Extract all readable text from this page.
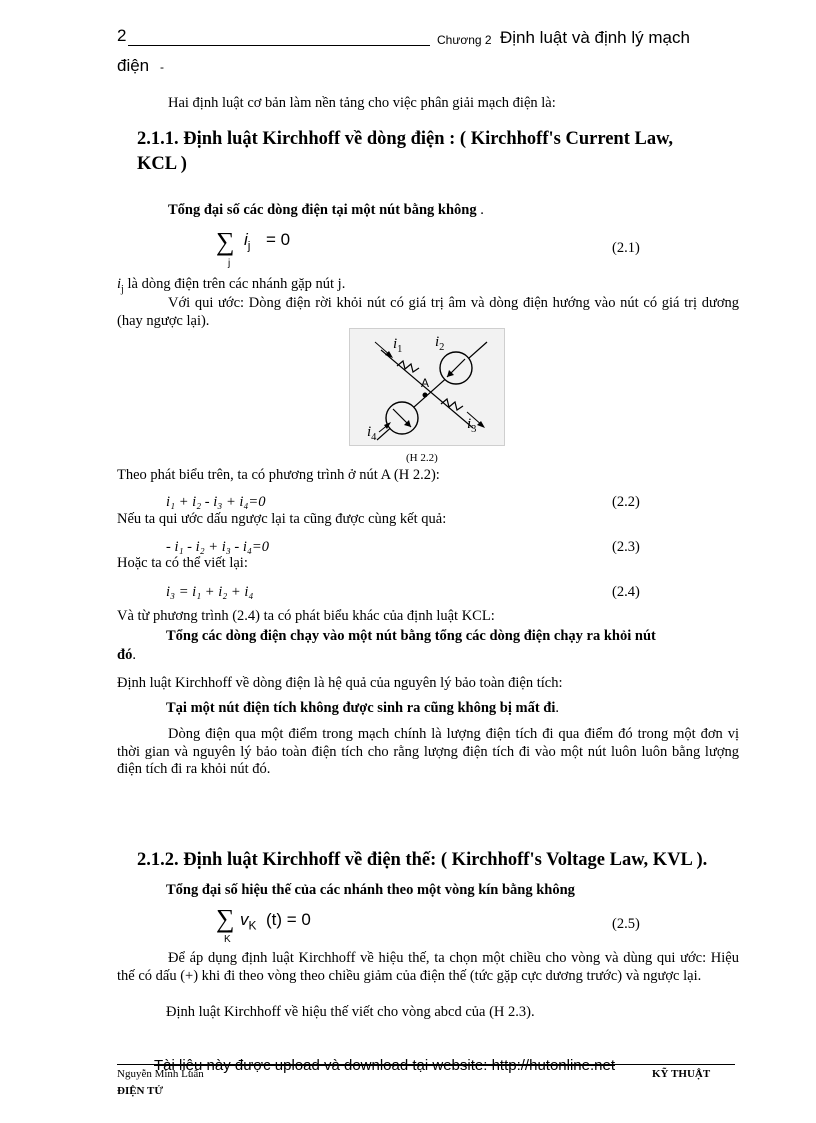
2	Chương 2 Định luật và định lý mạch
điện -
Hai định luật cơ bản làm nền tảng cho việc phân giải mạch điện là:
2.1.1. Định luật Kirchhoff về dòng điện : ( Kirchhoff's Current Law,
KCL )
Tổng đại số các dòng điện tại một nút bằng không .
∑ $i_j = 0$
j
(2.1)
$i_j$ là dòng điện trên các nhánh gặp nút j.
Với qui ước: Dòng điện rời khỏi nút có giá trị âm và dòng điện hướng vào nút có giá trị dương (hay ngược lại).
$i_1$ $i_2$
A
$i_3$
$i_4$
(H 2.2)
Theo phát biểu trên, ta có phương trình ở nút A (H 2.2):
i₁ + i₂ - i₃ + i₄=0	(2.2)
Nếu ta qui ước dấu ngược lại ta cũng được cùng kết quả:
- i₁ - i₂ + i₃ - i₄=0	(2.3)
Hoặc ta có thể viết lại:
i₃ = i₁ + i₂ + i₄	(2.4)
Và từ phương trình (2.4) ta có phát biểu khác của định luật KCL:
Tổng các dòng điện chạy vào một nút bằng tổng các dòng điện chạy ra khỏi nút
đó.
Định luật Kirchhoff về dòng điện là hệ quả của nguyên lý bảo toàn điện tích:
Tại một nút điện tích không được sinh ra cũng không bị mất đi.
Dòng điện qua một điểm trong mạch chính là lượng điện tích đi qua điểm đó trong một đơn vị thời gian và nguyên lý bảo toàn điện tích cho rằng lượng điện tích đi vào một nút luôn luôn bằng lượng điện tích đi ra khỏi nút đó.
2.1.2. Định luật Kirchhoff về điện thế: ( Kirchhoff's Voltage Law, KVL ).
Tổng đại số hiệu thế của các nhánh theo một vòng kín bằng không
∑ $v_K$ (t) = 0
K
(2.5)
Để áp dụng định luật Kirchhoff về hiệu thế, ta chọn một chiều cho vòng và dùng qui ước: Hiệu thế có dấu (+) khi đi theo vòng theo chiều giảm của điện thế (tức gặp cực dương trước) và ngược lại.
Định luật Kirchhoff về hiệu thế viết cho vòng abcd của (H 2.3).
Tài liệu này được upload và download tại website: http://hutonline.net
Nguyễn Minh Luân	KỸ THUẬT
ĐIỆN TỬ
